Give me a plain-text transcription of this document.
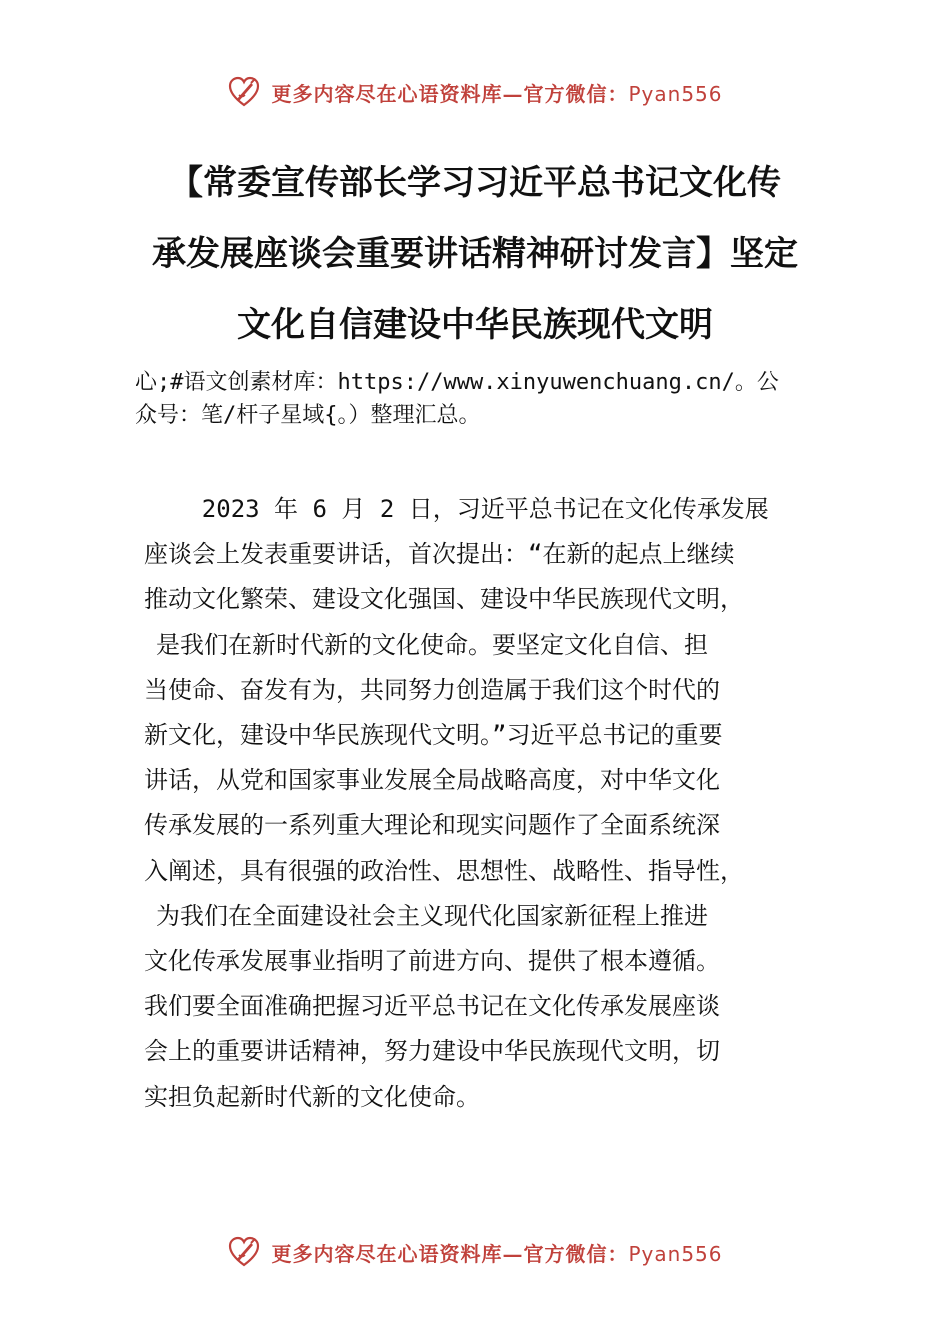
更多内容尽在心语资料库—官方微信：Pyan556
【常委宣传部长学习习近平总书记文化传
承发展座谈会重要讲话精神研讨发言】坚定
文化自信建设中华民族现代文明

心;#语文创素材库：https://www.xinyuwenchuang.cn/。公
众号：笔/杆子星域{。）整理汇总。

2023 年 6 月 2 日，习近平总书记在文化传承发展
座谈会上发表重要讲话，首次提出：“在新的起点上继续
推动文化繁荣、建设文化强国、建设中华民族现代文明，
是我们在新时代新的文化使命。要坚定文化自信、担
当使命、奋发有为，共同努力创造属于我们这个时代的
新文化，建设中华民族现代文明。”习近平总书记的重要
讲话，从党和国家事业发展全局战略高度，对中华文化
传承发展的一系列重大理论和现实问题作了全面系统深
入阐述，具有很强的政治性、思想性、战略性、指导性，
为我们在全面建设社会主义现代化国家新征程上推进
文化传承发展事业指明了前进方向、提供了根本遵循。
我们要全面准确把握习近平总书记在文化传承发展座谈
会上的重要讲话精神，努力建设中华民族现代文明，切
实担负起新时代新的文化使命。
更多内容尽在心语资料库—官方微信：Pyan556
